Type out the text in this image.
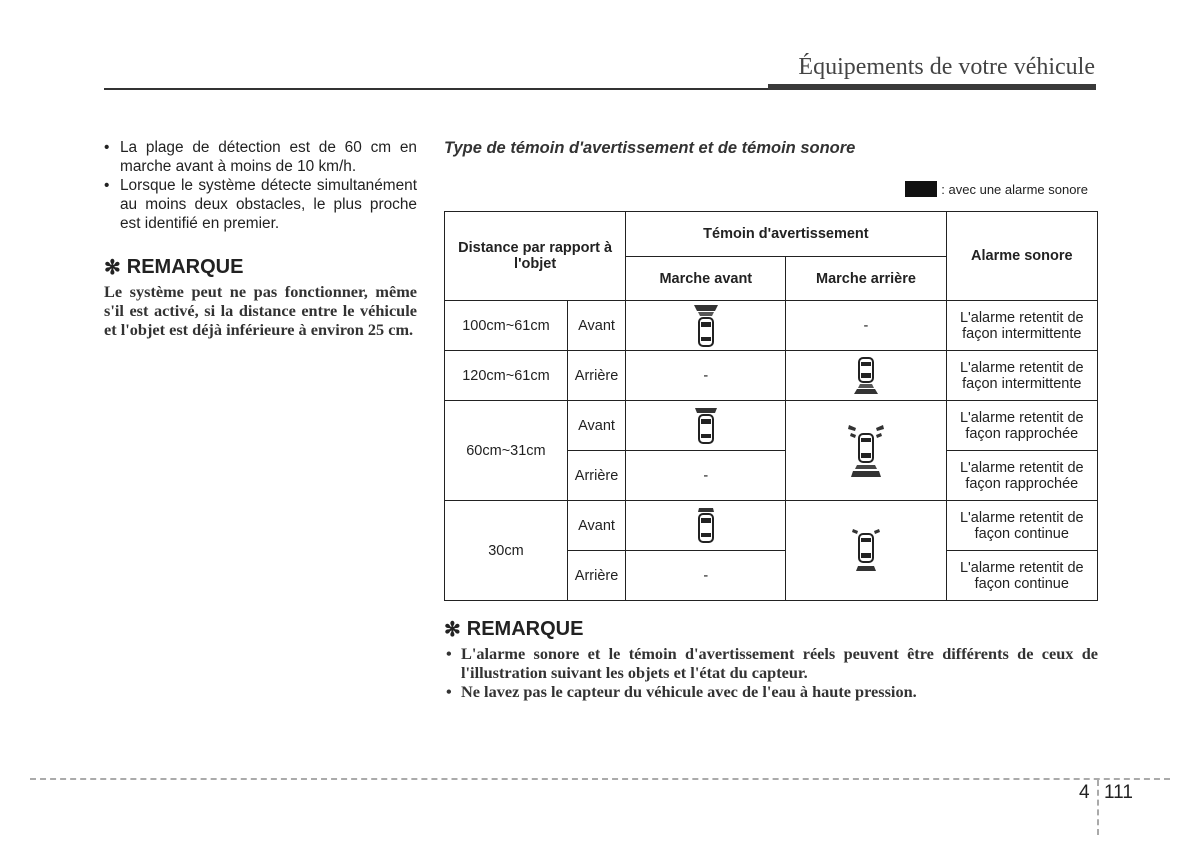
Équipements de votre véhicule
• La plage de détection est de 60 cm en marche avant à moins de 10 km/h.
• Lorsque le système détecte simultanément au moins deux obstacles, le plus proche est identifié en premier.
✻ REMARQUE
Le système peut ne pas fonctionner, même s'il est activé, si la distance entre le véhicule et l'objet est déjà inférieure à environ 25 cm.
Type de témoin d'avertissement et de témoin sonore
: avec une alarme sonore
Distance par rapport à l'objet		Témoin d'avertissement		Alarme sonore
		Marche avant	Marche arrière	
100cm~61cm	Avant		-	L'alarme retentit de façon intermittente
120cm~61cm	Arrière	-		L'alarme retentit de façon intermittente
60cm~31cm	Avant			L'alarme retentit de façon rapprochée
	Arrière	-		L'alarme retentit de façon rapprochée
30cm	Avant			L'alarme retentit de façon continue
	Arrière	-		L'alarme retentit de façon continue
✻ REMARQUE
• L'alarme sonore et le témoin d'avertissement réels peuvent être différents de ceux de l'illustration suivant les objets et l'état du capteur.
• Ne lavez pas le capteur du véhicule avec de l'eau à haute pression.
4 111
